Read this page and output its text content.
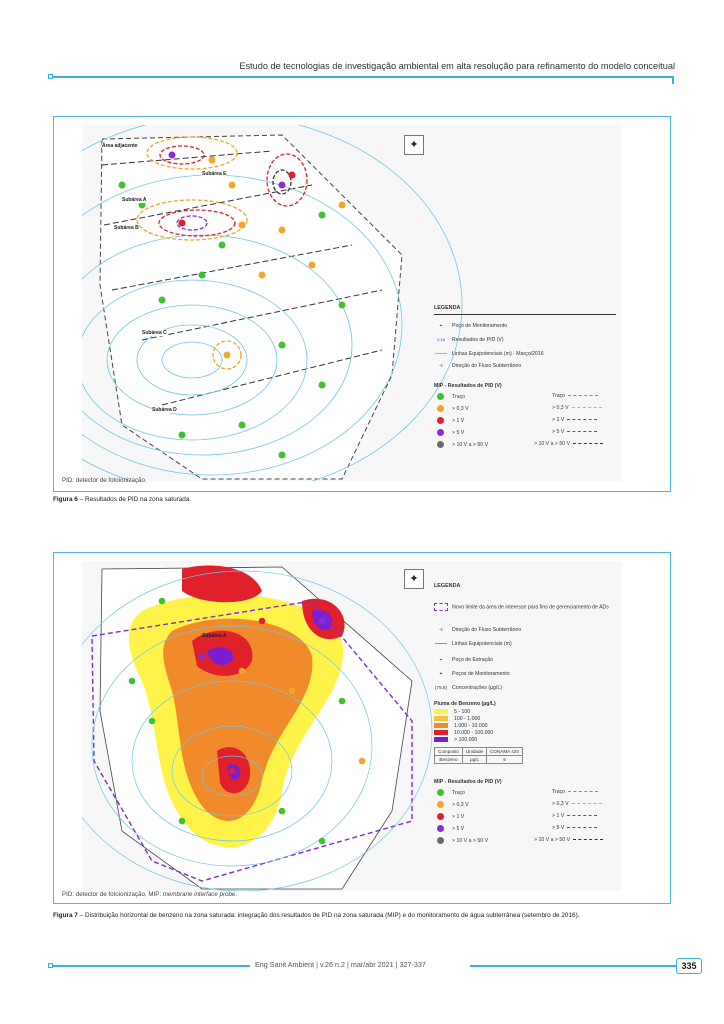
Estudo de tecnologias de investigação ambiental em alta resolução para refinamento do modelo conceitual
Área adjacente
Subárea A
Subárea B
Subárea C
Subárea D
Subárea E
✦
LEGENDA
⌖ Poço de Monitoramento
0,18 Resultados de PID (V)
Linhas Equipotenciais (m) - Março/2016
➜ Direção do Fluxo Subterrâneo
MIP - Resultados de PID (V)
Traço
> 0,3 V
> 1 V
> 5 V
> 10 V a > 50 V
Traço
> 0,3 V
> 1 V
> 5 V
> 10 V a > 50 V
PID: detector de fotoionização.
Figura 6 – Resultados de PID na zona saturada.
Subárea A
✦
LEGENDA
Novo limite da área de interesse para fins de gerenciamento de ADs
➜ Direção do Fluxo Subterrâneo
Linhas Equipotenciais (m)
⌖ Poço de Extração
⌖ Poços de Monitoramento
(75,8) Concentrações (µg/L)
Pluma de Benzeno (µg/L)
5 - 100
100 - 1.000
1.000 - 10.000
10.000 - 100.000
> 100.000
Composto	Unidade	CONAMA 420
Benzeno	µg/L	5
MIP - Resultados de PID (V)
Traço
> 0,3 V
> 1 V
> 5 V
> 10 V a > 50 V
Traço
> 0,3 V
> 1 V
> 5 V
> 10 V a > 50 V
PID: detector de fotoionização, MIP: membrane interface probe.
Figura 7 – Distribuição horizontal de benzeno na zona saturada: integração dos resultados de PID na zona saturada (MIP) e do monitoramento de água subterrânea (setembro de 2016).
Eng Sanit Ambient | v.26 n.2 | mar/abr 2021 | 327-337	335
